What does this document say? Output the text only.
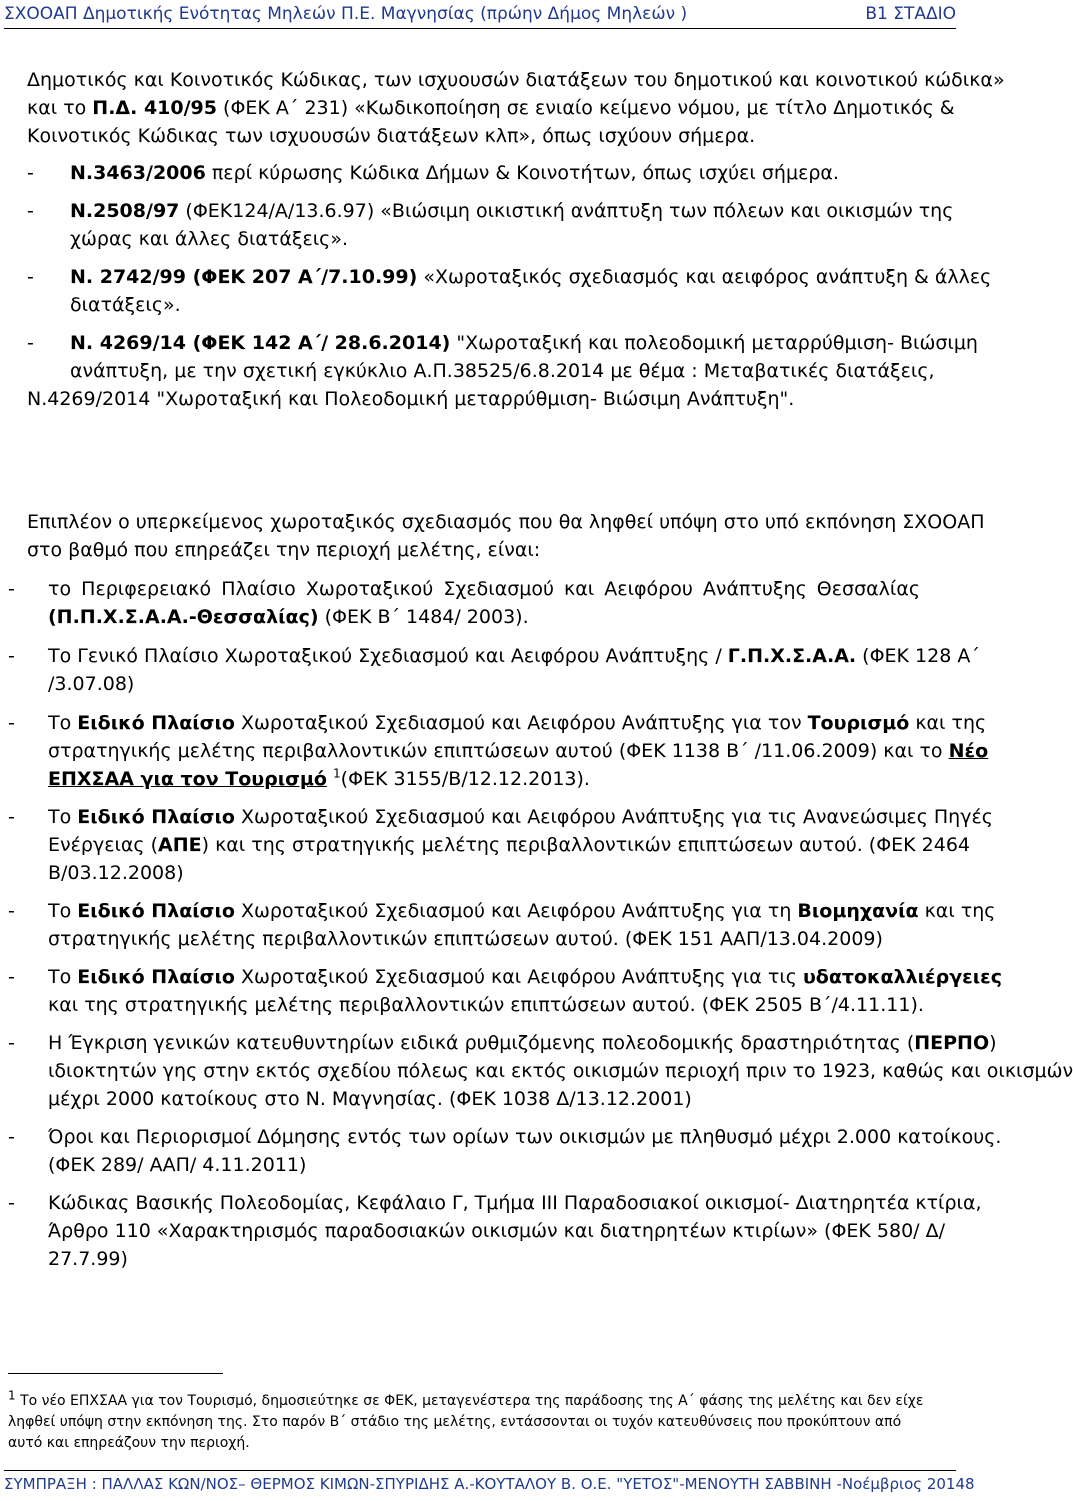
ΣΧΟΟΑΠ Δημοτικής Ενότητας Μηλεών Π.Ε. Μαγνησίας (πρώην Δήμος Μηλεών )	Β1 ΣΤΑΔΙΟ
Δημοτικός και Κοινοτικός Κώδικας, των ισχυουσών διατάξεων του δημοτικού και κοινοτικού κώδικα»
και το Π.Δ. 410/95 (ΦΕΚ Α΄ 231) «Κωδικοποίηση σε ενιαίο κείμενο νόμου, με τίτλο Δημοτικός &
Κοινοτικός Κώδικας των ισχυουσών διατάξεων κλπ», όπως ισχύουν σήμερα.
- Ν.3463/2006 περί κύρωσης Κώδικα Δήμων & Κοινοτήτων, όπως ισχύει σήμερα.
- Ν.2508/97 (ΦΕΚ124/Α/13.6.97) «Βιώσιμη οικιστική ανάπτυξη των πόλεων και οικισμών της
χώρας και άλλες διατάξεις».
- Ν. 2742/99 (ΦΕΚ 207 Α΄/7.10.99) «Χωροταξικός σχεδιασμός και αειφόρος ανάπτυξη & άλλες
διατάξεις».
- Ν. 4269/14 (ΦΕΚ 142 Α΄/ 28.6.2014) "Χωροταξική και πολεοδομική μεταρρύθμιση- Βιώσιμη
ανάπτυξη, με την σχετική εγκύκλιο Α.Π.38525/6.8.2014 με θέμα : Μεταβατικές διατάξεις,
Ν.4269/2014 "Χωροταξική και Πολεοδομική μεταρρύθμιση- Βιώσιμη Ανάπτυξη".
Επιπλέον ο υπερκείμενος χωροταξικός σχεδιασμός που θα ληφθεί υπόψη στο υπό εκπόνηση ΣΧΟΟΑΠ
στο βαθμό που επηρεάζει την περιοχή μελέτης, είναι:
- το Περιφερειακό Πλαίσιο Χωροταξικού Σχεδιασμού και Αειφόρου Ανάπτυξης Θεσσαλίας
(Π.Π.Χ.Σ.Α.Α.-Θεσσαλίας) (ΦΕΚ Β΄ 1484/ 2003).
- Το Γενικό Πλαίσιο Χωροταξικού Σχεδιασμού και Αειφόρου Ανάπτυξης / Γ.Π.Χ.Σ.Α.Α. (ΦΕΚ 128 Α΄
/3.07.08)
- Το Ειδικό Πλαίσιο Χωροταξικού Σχεδιασμού και Αειφόρου Ανάπτυξης για τον Τουρισμό και της
στρατηγικής μελέτης περιβαλλοντικών επιπτώσεων αυτού (ΦΕΚ 1138 Β΄ /11.06.2009) και το Νέο
ΕΠΧΣΑΑ για τον Τουρισμό $^1$(ΦΕΚ 3155/Β/12.12.2013).
- Το Ειδικό Πλαίσιο Χωροταξικού Σχεδιασμού και Αειφόρου Ανάπτυξης για τις Ανανεώσιμες Πηγές
Ενέργειας (ΑΠΕ) και της στρατηγικής μελέτης περιβαλλοντικών επιπτώσεων αυτού. (ΦΕΚ 2464
Β/03.12.2008)
- Το Ειδικό Πλαίσιο Χωροταξικού Σχεδιασμού και Αειφόρου Ανάπτυξης για τη Βιομηχανία και της
στρατηγικής μελέτης περιβαλλοντικών επιπτώσεων αυτού. (ΦΕΚ 151 ΑΑΠ/13.04.2009)
- Το Ειδικό Πλαίσιο Χωροταξικού Σχεδιασμού και Αειφόρου Ανάπτυξης για τις υδατοκαλλιέργειες
και της στρατηγικής μελέτης περιβαλλοντικών επιπτώσεων αυτού. (ΦΕΚ 2505 Β΄/4.11.11).
- Η Έγκριση γενικών κατευθυντηρίων ειδικά ρυθμιζόμενης πολεοδομικής δραστηριότητας (ΠΕΡΠΟ)
ιδιοκτητών γης στην εκτός σχεδίου πόλεως και εκτός οικισμών περιοχή πριν το 1923, καθώς και οικισμών
μέχρι 2000 κατοίκους στο Ν. Μαγνησίας. (ΦΕΚ 1038 Δ/13.12.2001)
- Όροι και Περιορισμοί Δόμησης εντός των ορίων των οικισμών με πληθυσμό μέχρι 2.000 κατοίκους.
(ΦΕΚ 289/ ΑΑΠ/ 4.11.2011)
- Κώδικας Βασικής Πολεοδομίας, Κεφάλαιο Γ, Τμήμα ΙΙΙ Παραδοσιακοί οικισμοί- Διατηρητέα κτίρια,
Άρθρο 110 «Χαρακτηρισμός παραδοσιακών οικισμών και διατηρητέων κτιρίων» (ΦΕΚ 580/ Δ/
27.7.99)
$^1$ Το νέο ΕΠΧΣΑΑ για τον Τουρισμό, δημοσιεύτηκε σε ΦΕΚ, μεταγενέστερα της παράδοσης της Α΄ φάσης της μελέτης και δεν είχε
ληφθεί υπόψη στην εκπόνηση της. Στο παρόν Β΄ στάδιο της μελέτης, εντάσσονται οι τυχόν κατευθύνσεις που προκύπτουν από
αυτό και επηρεάζουν την περιοχή.
ΣΥΜΠΡΑΞΗ : ΠΑΛΛΑΣ ΚΩΝ/ΝΟΣ– ΘΕΡΜΟΣ ΚΙΜΩΝ-ΣΠΥΡΙΔΗΣ Α.-ΚΟΥΤΑΛΟΥ Β. Ο.Ε. "ΥΕΤΟΣ"-ΜΕΝΟΥΤΗ ΣΑΒΒΙΝΗ -Νοέμβριος 2014 8
